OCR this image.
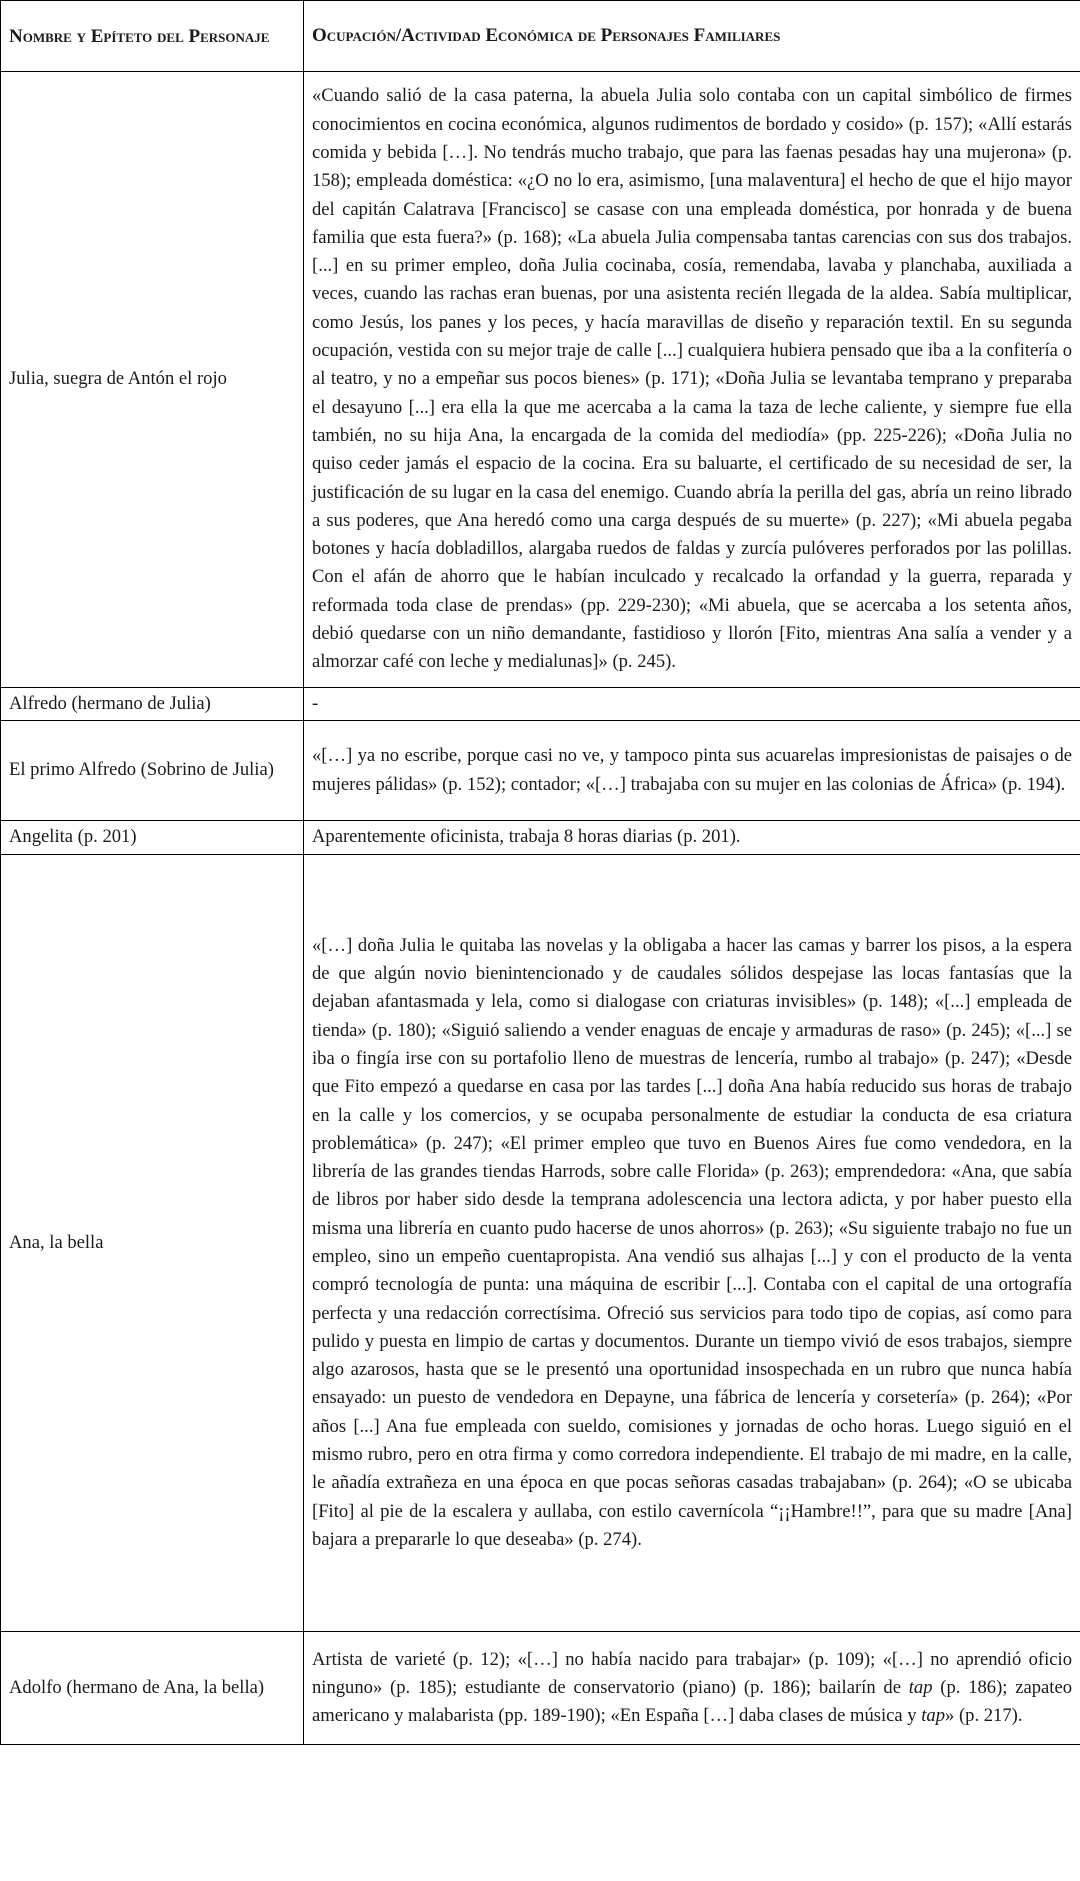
Nombre y Epíteto del Personaje	Ocupación/Actividad Económica de Personajes Familiares
Julia, suegra de Antón el rojo	«Cuando salió de la casa paterna, la abuela Julia solo contaba con un capital simbólico de firmes conocimientos en cocina económica, algunos rudimentos de bordado y cosido» (p. 157); «Allí estarás comida y bebida […]. No tendrás mucho trabajo, que para las faenas pesadas hay una mujerona» (p. 158); empleada doméstica: «¿O no lo era, asimismo, [una malaventura] el hecho de que el hijo mayor del capitán Calatrava [Francisco] se casase con una empleada doméstica, por honrada y de buena familia que esta fuera?» (p. 168); «La abuela Julia compensaba tantas carencias con sus dos trabajos. [...] en su primer empleo, doña Julia cocinaba, cosía, remendaba, lavaba y planchaba, auxiliada a veces, cuando las rachas eran buenas, por una asistenta recién llegada de la aldea. Sabía multiplicar, como Jesús, los panes y los peces, y hacía maravillas de diseño y reparación textil. En su segunda ocupación, vestida con su mejor traje de calle [...] cualquiera hubiera pensado que iba a la confitería o al teatro, y no a empeñar sus pocos bienes» (p. 171); «Doña Julia se levantaba temprano y preparaba el desayuno [...] era ella la que me acercaba a la cama la taza de leche caliente, y siempre fue ella también, no su hija Ana, la encargada de la comida del mediodía» (pp. 225-226); «Doña Julia no quiso ceder jamás el espacio de la cocina. Era su baluarte, el certificado de su necesidad de ser, la justificación de su lugar en la casa del enemigo. Cuando abría la perilla del gas, abría un reino librado a sus poderes, que Ana heredó como una carga después de su muerte» (p. 227); «Mi abuela pegaba botones y hacía dobladillos, alargaba ruedos de faldas y zurcía pulóveres perforados por las polillas. Con el afán de ahorro que le habían inculcado y recalcado la orfandad y la guerra, reparada y reformada toda clase de prendas» (pp. 229-230); «Mi abuela, que se acercaba a los setenta años, debió quedarse con un niño demandante, fastidioso y llorón [Fito, mientras Ana salía a vender y a almorzar café con leche y medialunas]» (p. 245).
Alfredo (hermano de Julia)	-
El primo Alfredo (Sobrino de Julia)	«[…] ya no escribe, porque casi no ve, y tampoco pinta sus acuarelas impresionistas de paisajes o de mujeres pálidas» (p. 152); contador; «[…] trabajaba con su mujer en las colonias de África» (p. 194).
Angelita (p. 201)	Aparentemente oficinista, trabaja 8 horas diarias (p. 201).
Ana, la bella	«[…] doña Julia le quitaba las novelas y la obligaba a hacer las camas y barrer los pisos, a la espera de que algún novio bienintencionado y de caudales sólidos despejase las locas fantasías que la dejaban afantasmada y lela, como si dialogase con criaturas invisibles» (p. 148); «[...] empleada de tienda» (p. 180); «Siguió saliendo a vender enaguas de encaje y armaduras de raso» (p. 245); «[...] se iba o fingía irse con su portafolio lleno de muestras de lencería, rumbo al trabajo» (p. 247); «Desde que Fito empezó a quedarse en casa por las tardes [...] doña Ana había reducido sus horas de trabajo en la calle y los comercios, y se ocupaba personalmente de estudiar la conducta de esa criatura problemática» (p. 247); «El primer empleo que tuvo en Buenos Aires fue como vendedora, en la librería de las grandes tiendas Harrods, sobre calle Florida» (p. 263); emprendedora: «Ana, que sabía de libros por haber sido desde la temprana adolescencia una lectora adicta, y por haber puesto ella misma una librería en cuanto pudo hacerse de unos ahorros» (p. 263); «Su siguiente trabajo no fue un empleo, sino un empeño cuentapropista. Ana vendió sus alhajas [...] y con el producto de la venta compró tecnología de punta: una máquina de escribir [...]. Contaba con el capital de una ortografía perfecta y una redacción correctísima. Ofreció sus servicios para todo tipo de copias, así como para pulido y puesta en limpio de cartas y documentos. Durante un tiempo vivió de esos trabajos, siempre algo azarosos, hasta que se le presentó una oportunidad insospechada en un rubro que nunca había ensayado: un puesto de vendedora en Depayne, una fábrica de lencería y corsetería» (p. 264); «Por años [...] Ana fue empleada con sueldo, comisiones y jornadas de ocho horas. Luego siguió en el mismo rubro, pero en otra firma y como corredora independiente. El trabajo de mi madre, en la calle, le añadía extrañeza en una época en que pocas señoras casadas trabajaban» (p. 264); «O se ubicaba [Fito] al pie de la escalera y aullaba, con estilo cavernícola “¡¡Hambre!!”, para que su madre [Ana] bajara a prepararle lo que deseaba» (p. 274).
Adolfo (hermano de Ana, la bella)	Artista de varieté (p. 12); «[…] no había nacido para trabajar» (p. 109); «[…] no aprendió oficio ninguno» (p. 185); estudiante de conservatorio (piano) (p. 186); bailarín de tap (p. 186); zapateo americano y malabarista (pp. 189-190); «En España […] daba clases de música y tap» (p. 217).
